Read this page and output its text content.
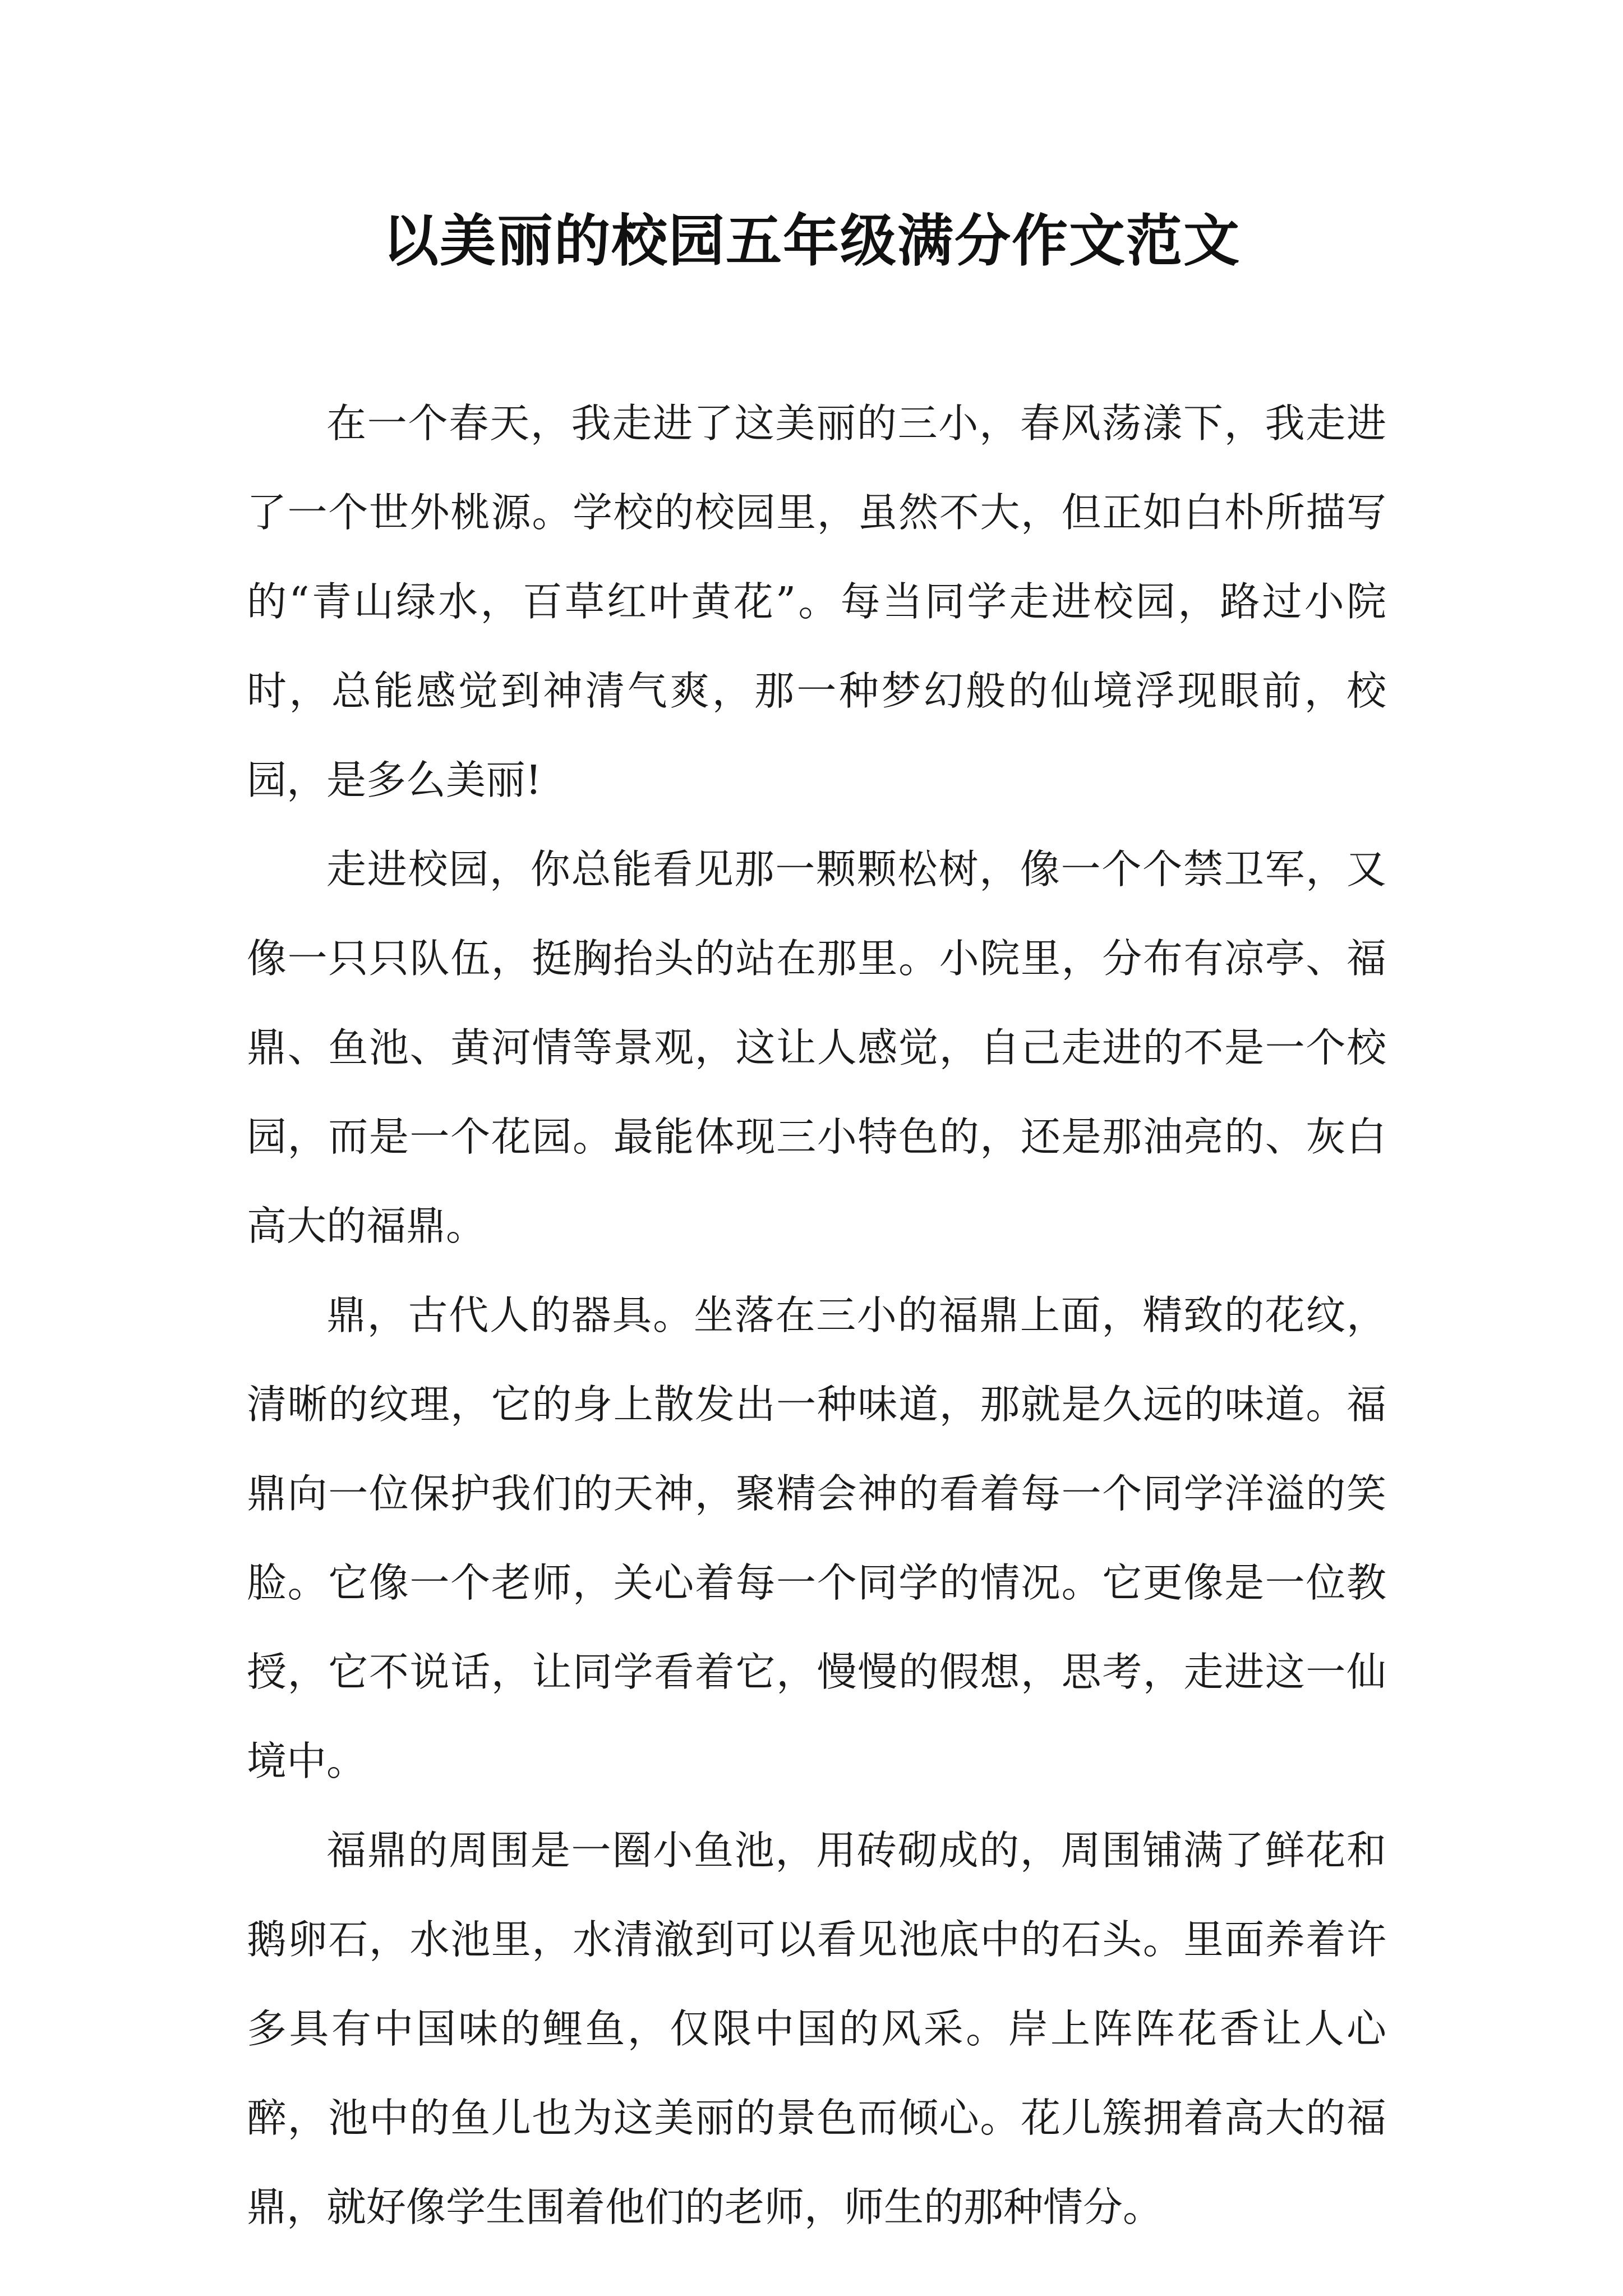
以美丽的校园五年级满分作文范文

在一个春天，我走进了这美丽的三小，春风荡漾下，我走进了一个世外桃源。学校的校园里，虽然不大，但正如白朴所描写的“青山绿水，百草红叶黄花”。每当同学走进校园，路过小院时，总能感觉到神清气爽，那一种梦幻般的仙境浮现眼前，校园，是多么美丽!

走进校园，你总能看见那一颗颗松树，像一个个禁卫军，又像一只只队伍，挺胸抬头的站在那里。小院里，分布有凉亭、福鼎、鱼池、黄河情等景观，这让人感觉，自己走进的不是一个校园，而是一个花园。最能体现三小特色的，还是那油亮的、灰白高大的福鼎。

鼎，古代人的器具。坐落在三小的福鼎上面，精致的花纹，清晰的纹理，它的身上散发出一种味道，那就是久远的味道。福鼎向一位保护我们的天神，聚精会神的看着每一个同学洋溢的笑脸。它像一个老师，关心着每一个同学的情况。它更像是一位教授，它不说话，让同学看着它，慢慢的假想，思考，走进这一仙境中。

福鼎的周围是一圈小鱼池，用砖砌成的，周围铺满了鲜花和鹅卵石，水池里，水清澈到可以看见池底中的石头。里面养着许多具有中国味的鲤鱼，仅限中国的风采。岸上阵阵花香让人心醉，池中的鱼儿也为这美丽的景色而倾心。花儿簇拥着高大的福鼎，就好像学生围着他们的老师，师生的那种情分。
